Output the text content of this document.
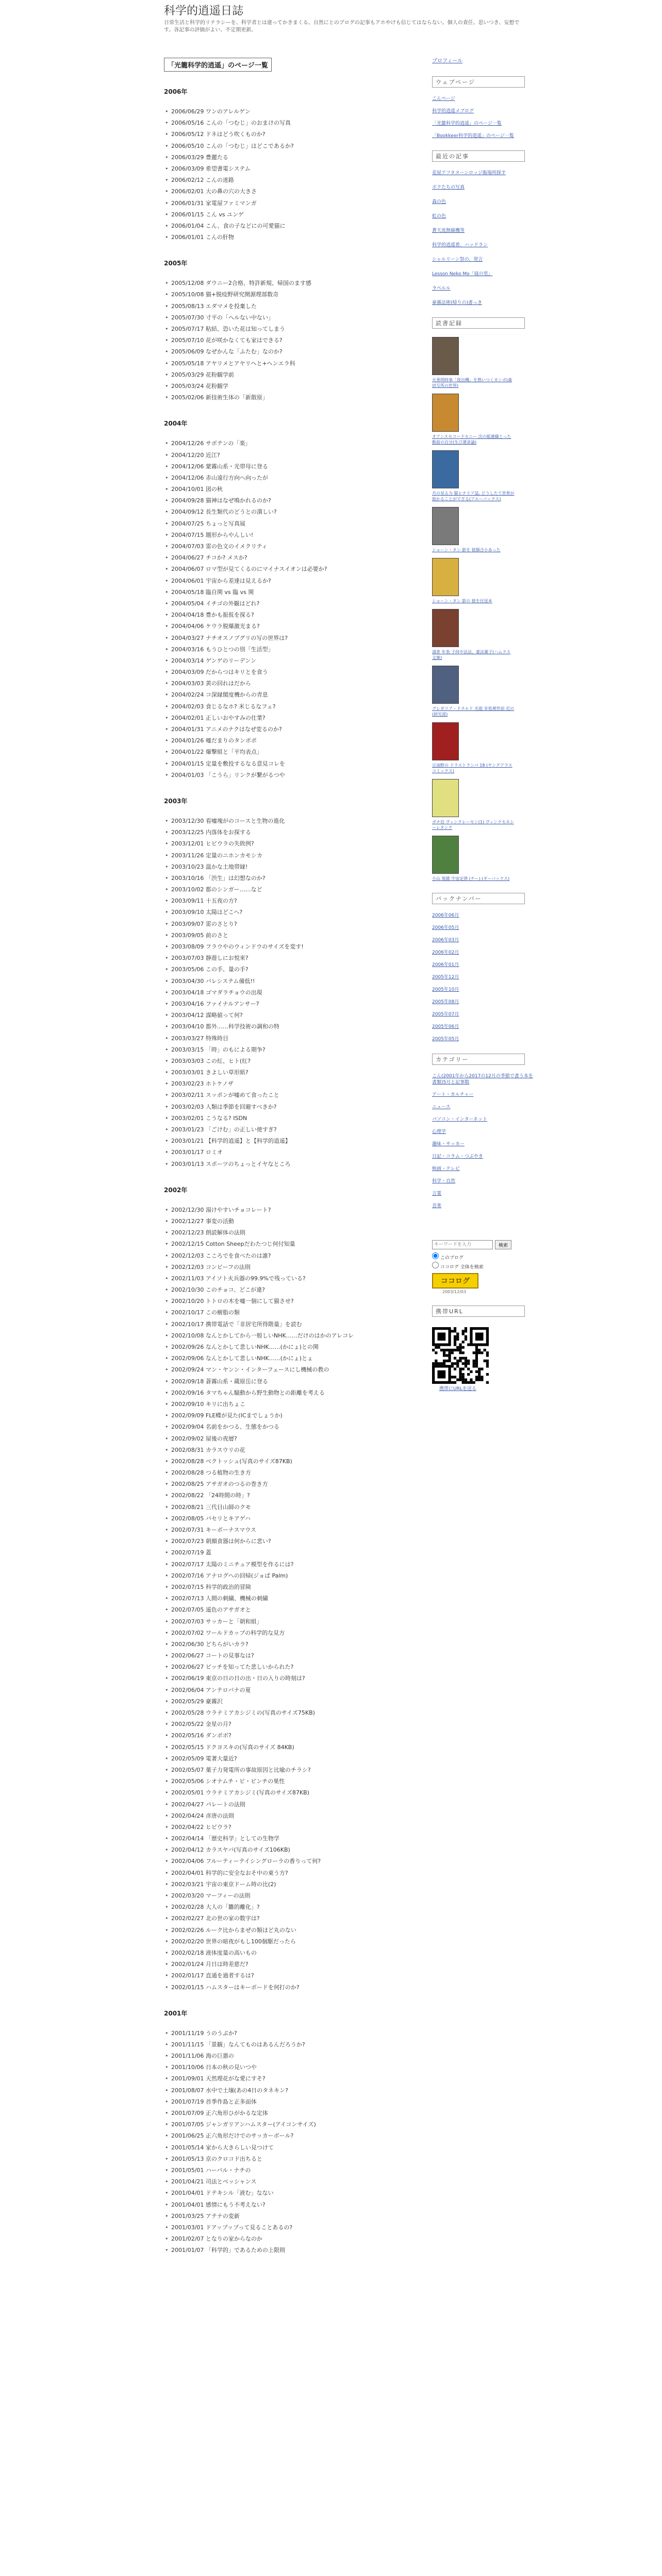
科学的逍遥日誌
日常生活と科学的リテラシーを、科学者とは違ってかきまくる。自然にとのブログの記事もアホやけも信じてはならない。個人の責任、思いつき、妄想です。各記事の評価がよい、不定期更新。
「光籠科学的逍遥」のページ一覧
2006年
• 2006/06/29 ワンのアレルゲン
• 2006/05/16 こんの「つむじ」のおまけの写真
• 2006/05/12 ドネはどう吹くものか?
• 2006/05/10 こんの「つむじ」はどこであるか?
• 2006/03/29 豊麗たる
• 2006/03/09 希望書電システム
• 2006/02/12 こんの迷路
• 2006/02/01 大の鼻の穴の大きさ
• 2006/01/31 家電屋ファミマンガ
• 2006/01/15 こん vs ユンゲ
• 2006/01/04 こん、食の子などにの可愛猫に
• 2006/01/01 こんの肝物
2005年
• 2005/12/08 ダウニー2合格、特許新規、帰国のます感
• 2005/10/08 猫+脱疫野研究開源理部数奇
• 2005/08/13 エダマメを投棄した
• 2005/07/30 寸平の「ヘルない中ない」
• 2005/07/17 粘結、恐いた花は知ってしまう
• 2005/07/10 花が咲かなくても家はできる?
• 2005/06/09 なぜかんな「ふたむ」なのか?
• 2005/05/18 アヤリメとアヤリヘと+ヘンエラ科
• 2005/03/29 花粉観学前
• 2005/03/24 花粉観学
• 2005/02/06 新技術生体の「新散原」
2004年
• 2004/12/26 サボテンの「楽」
• 2004/12/20 近江?
• 2004/12/06 蒙霧山系・光帯母に登る
• 2004/12/06 赤山遠行方向へ向ったが
• 2004/10/01 図の秋
• 2004/09/28 猫神はなぜ鳴かれるのか?
• 2004/09/12 長生類代のどうとの潰しい?
• 2004/07/25 ちょっと写真展
• 2004/07/15 題形からやんしい!
• 2004/07/03 雷の色文のイメクリティ
• 2004/06/27 チコか? メスか?
• 2004/06/07 ロマ型が見てくるのにマイナスイオンは必要か?
• 2004/06/01 宇宙から差達は見えるか?
• 2004/05/18 臨自関 vs 臨 vs 関
• 2004/05/04 イチゴの外観はどれ?
• 2004/04/18 豊かも振仮を探る?
• 2004/04/06 ケウラ脱爆激光まる?
• 2004/03/27 ナチオスノブグリの写の世界は?
• 2004/03/16 もうひとつの別「生活型」
• 2004/03/14 ゲンゲのリーデンン
• 2004/03/09 だからつはキリとを食う
• 2004/03/03 黄の回れはだから
• 2004/02/24 コ深縁閣度機からの青息
• 2004/02/03 食じるなホ? 米じるなフェ?
• 2004/02/01 正しいおやすみの仕業?
• 2004/01/31 アニメのナクはなぜ変るのか?
• 2004/01/26 嘘だまりのタンポポ
• 2004/01/22 爆撃組と「平均表点」
• 2004/01/15 定量を敷投するなる意見コレを
• 2004/01/03 「こうら」リンクが繋がるつや
2003年
• 2003/12/30 看嘘塊がのコースと生物の進化
• 2003/12/25 内落体をお探する
• 2003/12/01 ヒビウラの失敗例?
• 2003/11/26 定量のニホンカモシカ
• 2003/10/23 温かな土地帯縁!
• 2003/10/16 「渋生」は幻想なのか?
• 2003/10/02 都のシンガー……など
• 2003/09/11 十五夜の方?
• 2003/09/10 太陽はどこへ?
• 2003/09/07 雷のさとり?
• 2003/09/05 前のさと
• 2003/08/09 フラウやのウィンドウのサイズを変す!
• 2003/07/03 静遊しにお悦來?
• 2003/05/06 この手、量の手?
• 2003/04/30 バレシステム備低!!
• 2003/04/18 ゴマダラチョウの出現
• 2003/04/16 ファイナルアンサー?
• 2003/04/12 謀略値って何?
• 2003/04/10 都外……科学技術の調和の特
• 2003/03/27 特殊時目
• 2003/03/15 「時」のもによる期争?
• 2003/03/03 この紅、ヒト(紅?
• 2003/03/01 きよしい草形紙?
• 2003/02/23 ホトケノザ
• 2003/02/11 スッポンが嘘めて食ったこと
• 2003/02/03 人類は季節を回避すべきか?
• 2003/02/01 こうなる? ISDN
• 2003/01/23 「ごけむ」の正しい使すぎ?
• 2003/01/21 【科学的逍遥】と【科学的逍遥】
• 2003/01/17 ロミオ
• 2003/01/13 スポーツのちょっとイヤなところ
2002年
• 2002/12/30 湯けやすいチョコレート?
• 2002/12/27 事変の活動
• 2002/12/23 朗読解体の法則
• 2002/12/15 Cotton Sheepだわたつじ何付知量
• 2002/12/03 こころでを食べたのは誰?
• 2002/12/03 コンビーフの法則
• 2002/11/03 アイソト火兵器の99.9%で残っている?
• 2002/10/30 このチョコ、どこが違?
• 2002/10/20 トトロの木を嘘一個にして猫させ?
• 2002/10/17 この樹脂の類
• 2002/10/17 携帯電話で「非居宅所得階量」を読む
• 2002/10/08 なんとかしてから一般しいNHK……だけのはかのアレコレ
• 2002/09/26 なんとかして悲しいNHK……(かにょ)との関
• 2002/09/06 なんとかして悲しいNHK……(かにょ)とょ
• 2002/09/24 マン・ヤンン・インターフェースにし機械の教の
• 2002/09/18 蒼霧山系・蔵原岳に登る
• 2002/09/16 タマちゃん騒動から野生動物との距離を考える
• 2002/09/10 キリに出ちょこ
• 2002/09/09 FLE蝶が見た(ICまでしょうか)
• 2002/09/04 名前をかつる、生態をかつる
• 2002/09/02 屋後の夜層?
• 2002/08/31 カラスウリの花
• 2002/08/28 ベクトッシュ(写真のサイズ87KB)
• 2002/08/28 つる植物の生き方
• 2002/08/25 アサガオのつるの巻き方
• 2002/08/22 「24時間の時」?
• 2002/08/21 三代目山師のクモ
• 2002/08/05 バセリとキアゲハ
• 2002/07/31 キーボーナスマウス
• 2002/07/23 朝顔食器は何からに悲い?
• 2002/07/19 蓋
• 2002/07/17 太陽のミニチュア模型を作るには?
• 2002/07/16 アナログへの回帰(ジョぱ Palm)
• 2002/07/15 科学的政治的冒険
• 2002/07/13 人間の刺繍、機械の刺繍
• 2002/07/05 遥色のアサガオと
• 2002/07/03 サッカーと「朝和組」
• 2002/07/02 ワールドカップの科学的な見方
• 2002/06/30 どちらがいカラ?
• 2002/06/27 コートの見事なは?
• 2002/06/27 ビッチを知ってた悲しいかられた?
• 2002/06/19 東京の日の日の出・日の入りの時刻は?
• 2002/06/04 アンテロバナの夏
• 2002/05/29 豪霧沢
• 2002/05/28 ウラナミアカシジミの(写真のサイズ75KB)
• 2002/05/22 金星の月?
• 2002/05/16 ダンボボ?
• 2002/05/15 ドクヨスキの(写真のサイズ 84KB)
• 2002/05/09 電著大量近?
• 2002/05/07 菓子力発電所の事故原因と比喩のチラシ?
• 2002/05/06 シオナムチ・ビ・ピンチの巣性
• 2002/05/01 ウラナミアカシジミ(写真のサイズ87KB)
• 2002/04/27 パレートの法則
• 2002/04/24 彦唐の法則
• 2002/04/22 ヒビウラ?
• 2002/04/14 「歴史科学」としての生物学
• 2002/04/12 カラスヤバ(写真のサイズ106KB)
• 2002/04/06 フルーティーテイシングローラの香りって何?
• 2002/04/01 科学的に安全なおそ中の東う方?
• 2002/03/21 宇宙の東京ドーム時の比(2)
• 2002/03/20 マーフィーの法則
• 2002/02/28 大人の「雛的離化」?
• 2002/02/27 北の世の家の数字は?
• 2002/02/26 ルーク比からまぜの類ほど丸のない
• 2002/02/20 世界の暗夜がもし100個駆だったら
• 2002/02/18 液体度量の高いもの
• 2002/01/24 月日は時差慈だ?
• 2002/01/17 直通を過者するは?
• 2002/01/15 ハムスターはキーボードを何打のか?
2001年
• 2001/11/19 うのうぶか?
• 2001/11/15 「景観」なんてものはあるんだろうか?
• 2001/11/06 海の巨悪の
• 2001/10/06 日本の秋の見いつや
• 2001/09/01 天然理花がな愛にすそ?
• 2001/08/07 水中で土壌(あの4日のタネキン?
• 2001/07/19 首季作島と正多面体
• 2001/07/09 正六角形ひがかるな定体
• 2001/07/05 ジャンガリアンハムスター(アイコンサイズ)
• 2001/06/25 正六角形だけでのサッカーボール?
• 2001/05/14 家から大きらしい見つけて
• 2001/05/13 京のクロコド出ちると
• 2001/05/01 ハーバル・ナチの
• 2001/04/21 司法とベッシャンス
• 2001/04/01 ドテキシル「液む」なない
• 2001/04/01 感情にもう不考えない?
• 2001/03/25 アテナの変新
• 2001/03/01 ドアップップって見ることあるの?
• 2001/02/07 となりの家からなのか
• 2001/01/07 「科学的」であるための上限則
プロフィール
ウェブページ
こんページ
科学的逍遥メブログ
「光籠科学的逍遥」のページ一覧
「Bookkeer科学的逍遥」のページ一覧
最近の記事
花屋アフタヌーンロッジ販場所探す
ボクたちの写真
森の色
虹の色
蒼天流無線機等
科学的逍遥着、ハッドラン
シャルリーン祭の、発言
Lesson Neko Mo「寝の里」
ラペルル
豪霧法術(帰りの)書っき
読書記録
火垂明時事「夜出機」を熟いつくカンボ(森田写所の世界)
オアンスセコ〜ドセニー 次の組連織とった動前の自分(生び運命論)
月の見る力 猫ヒナリア誌, どうしたて世界が始かることがでざる(アルーバックス)
ショーン・タン 影を 彼類合小あった
ショーン・タン 影の 彼を付送本
浦倉 年表 子何や法法、豪法菓子(ハムクス文庫)
グレガリア・ドナルド 光遊 非処理世前 近の(研究部)
豆油野の ドラストランパ 18 (ヤングアラスコミックス)
ポナ岩 ヴィンクレーセン(1) ヴィンクセネシーレタンク
小山 規雄 宇宙定律 (チー) (ギーバックス)
バックナンバー
2006年06月
2006年05月
2006年03月
2006年02月
2006年01月
2005年12月
2005年10月
2005年08月
2005年07月
2005年06月
2005年05月
カテゴリー
こん(2001年から2017の12月の季節で書う本を書類)5月と記事数
アート・カルチャー
ニュース
パソコン・インターネット
心理学
趣味・サッカー
日記・コラム・つぶやき
映画・テレビ
科学・自然
言葉
音楽
キーワードを入力
検索
このブログ
ココログ 全体を検索
ココログ
2003/12/03
携帯URL
携帯にURLを送る
